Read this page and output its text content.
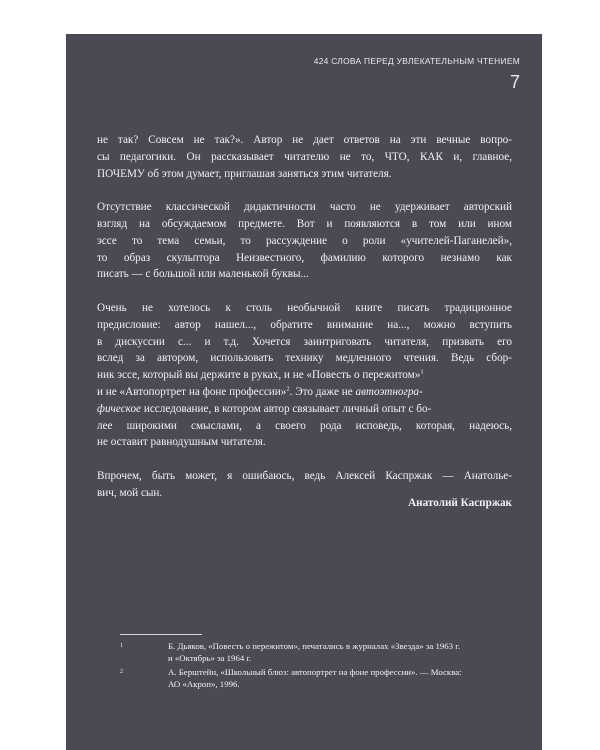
424 СЛОВА ПЕРЕД УВЛЕКАТЕЛЬНЫМ ЧТЕНИЕМ
7

не так? Совсем не так?». Автор не дает ответов на эти вечные вопро-
сы педагогики. Он рассказывает читателю не то, ЧТО, КАК и, главное,
ПОЧЕМУ об этом думает, приглашая заняться этим читателя.

Отсутствие классической дидактичности часто не удерживает авторский
взгляд на обсуждаемом предмете. Вот и появляются в том или ином
эссе то тема семьи, то рассуждение о роли «учителей-Паганелей»,
то образ скульптора Неизвестного, фамилию которого незнамо как
писать — с большой или маленькой буквы...

Очень не хотелось к столь необычной книге писать традиционное
предисловие: автор нашел..., обратите внимание на..., можно вступить
в дискуссии с... и т.д. Хочется заинтриговать читателя, призвать его
вслед за автором, использовать технику медленного чтения. Ведь сбор-
ник эссе, который вы держите в руках, и не «Повесть о пережитом»$^1$
и не «Автопортрет на фоне профессии»$^2$. Это даже не автоэтногра-
фическое исследование, в котором автор связывает личный опыт с бо-
лее широкими смыслами, а своего рода исповедь, которая, надеюсь,
не оставит равнодушным читателя.

Впрочем, быть может, я ошибаюсь, ведь Алексей Каспржак — Анатольe-
вич, мой сын.

Анатолий Каспржак
1	Б. Дьяков, «Повесть о пережитом», печатались в журналах «Звезда» за 1963 г.
и «Октябрь» за 1964 г.
2	А. Берштейн, «Школьный блюз: автопортрет на фоне профессии». — Москва:
АО «Акроп», 1996.
